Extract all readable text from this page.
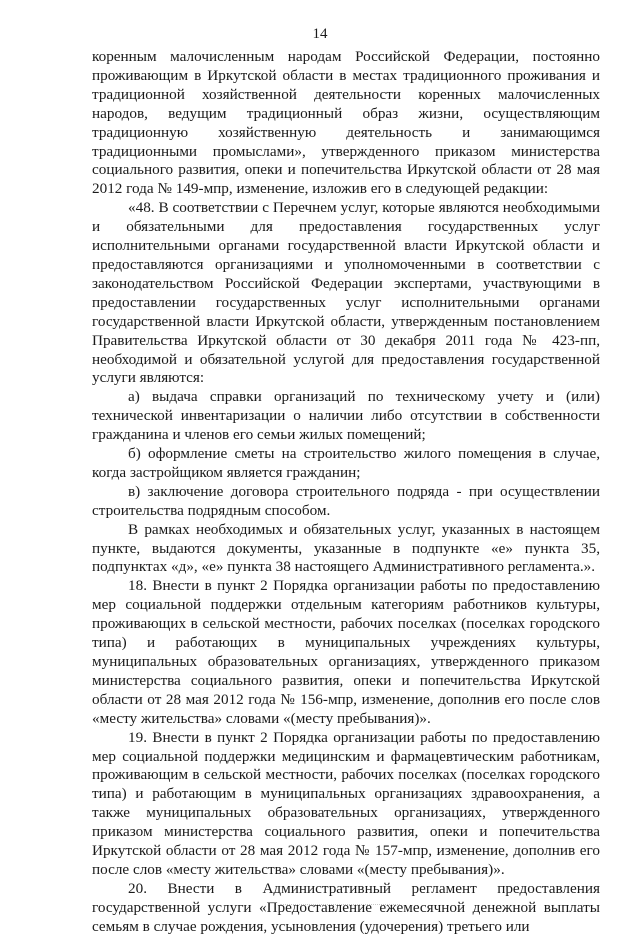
14

коренным малочисленным народам Российской Федерации, постоянно проживающим в Иркутской области в местах традиционного проживания и традиционной хозяйственной деятельности коренных малочисленных народов, ведущим традиционный образ жизни, осуществляющим традиционную хозяйственную деятельность и занимающимся традиционными промыслами», утвержденного приказом министерства социального развития, опеки и попечительства Иркутской области от 28 мая 2012 года № 149-мпр, изменение, изложив его в следующей редакции:

«48. В соответствии с Перечнем услуг, которые являются необходимыми и обязательными для предоставления государственных услуг исполнительными органами государственной власти Иркутской области и предоставляются организациями и уполномоченными в соответствии с законодательством Российской Федерации экспертами, участвующими в предоставлении государственных услуг исполнительными органами государственной власти Иркутской области, утвержденным постановлением Правительства Иркутской области от 30 декабря 2011 года № 423-пп, необходимой и обязательной услугой для предоставления государственной услуги являются:

а) выдача справки организаций по техническому учету и (или) технической инвентаризации о наличии либо отсутствии в собственности гражданина и членов его семьи жилых помещений;

б) оформление сметы на строительство жилого помещения в случае, когда застройщиком является гражданин;

в) заключение договора строительного подряда - при осуществлении строительства подрядным способом.

В рамках необходимых и обязательных услуг, указанных в настоящем пункте, выдаются документы, указанные в подпункте «е» пункта 35, подпунктах «д», «е» пункта 38 настоящего Административного регламента.».

18. Внести в пункт 2 Порядка организации работы по предоставлению мер социальной поддержки отдельным категориям работников культуры, проживающих в сельской местности, рабочих поселках (поселках городского типа) и работающих в муниципальных учреждениях культуры, муниципальных образовательных организациях, утвержденного приказом министерства социального развития, опеки и попечительства Иркутской области от 28 мая 2012 года № 156-мпр, изменение, дополнив его после слов «месту жительства» словами «(месту пребывания)».

19. Внести в пункт 2 Порядка организации работы по предоставлению мер социальной поддержки медицинским и фармацевтическим работникам, проживающим в сельской местности, рабочих поселках (поселках городского типа) и работающим в муниципальных организациях здравоохранения, а также муниципальных образовательных организациях, утвержденного приказом министерства социального развития, опеки и попечительства Иркутской области от 28 мая 2012 года № 157-мпр, изменение, дополнив его после слов «месту жительства» словами «(месту пребывания)».

20. Внести в Административный регламент предоставления государственной услуги «Предоставление ежемесячной денежной выплаты семьям в случае рождения, усыновления (удочерения) третьего или
